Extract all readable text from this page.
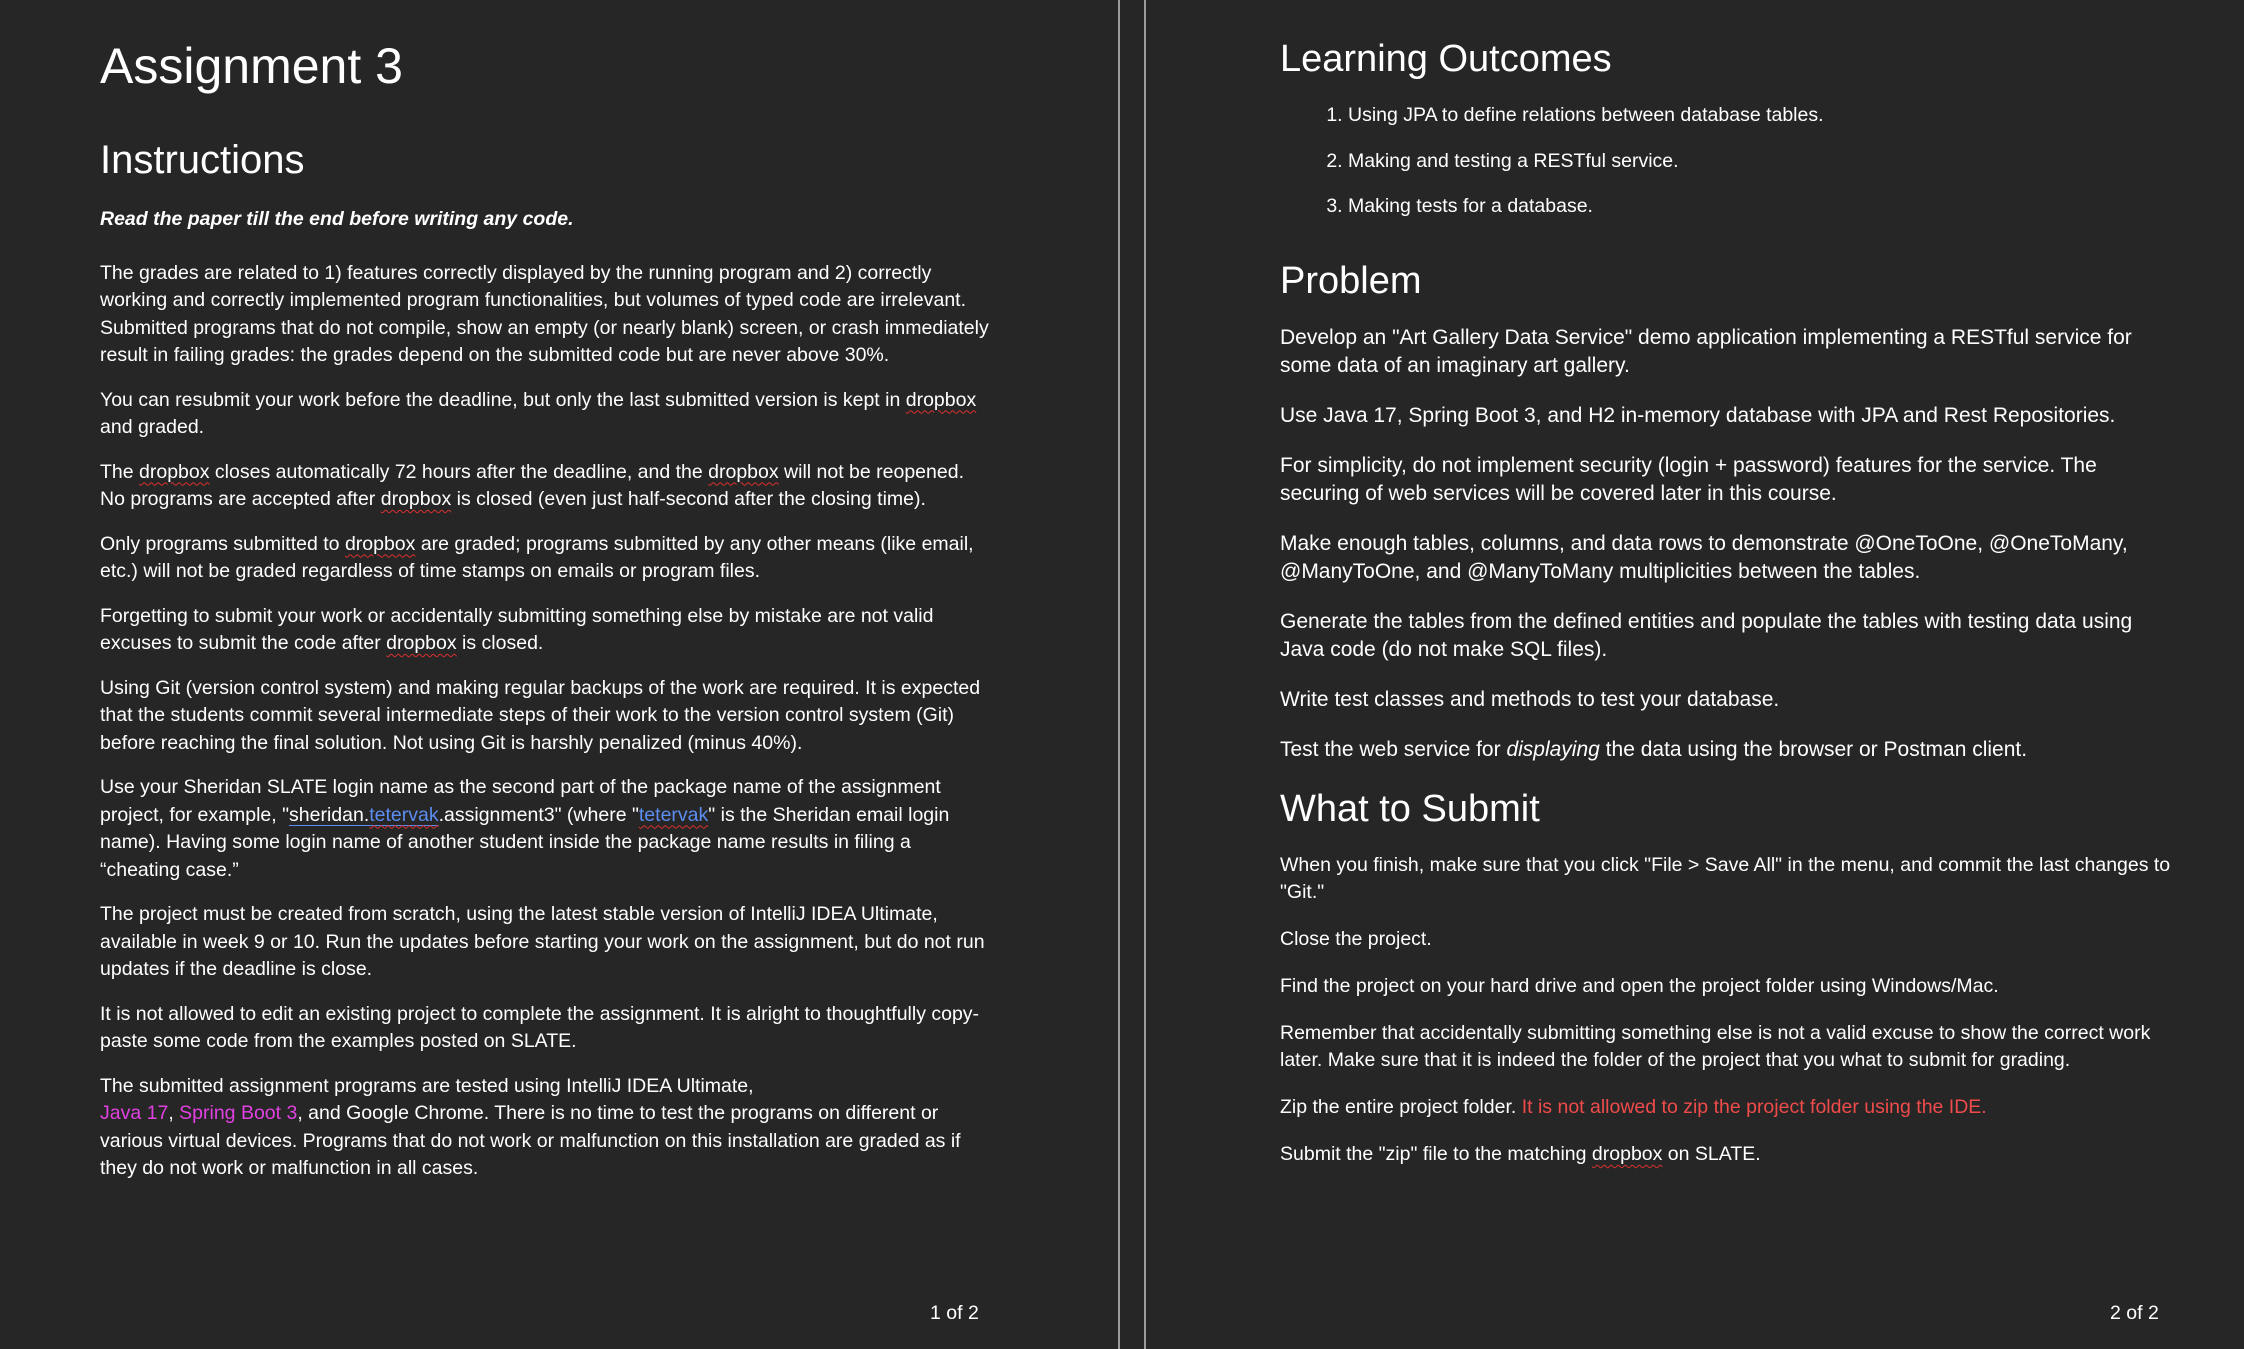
Assignment 3
Instructions

Read the paper till the end before writing any code.

The grades are related to 1) features correctly displayed by the running program and 2) correctly working and correctly implemented program functionalities, but volumes of typed code are irrelevant. Submitted programs that do not compile, show an empty (or nearly blank) screen, or crash immediately result in failing grades: the grades depend on the submitted code but are never above 30%.

You can resubmit your work before the deadline, but only the last submitted version is kept in dropbox and graded.

The dropbox closes automatically 72 hours after the deadline, and the dropbox will not be reopened. No programs are accepted after dropbox is closed (even just half-second after the closing time).

Only programs submitted to dropbox are graded; programs submitted by any other means (like email, etc.) will not be graded regardless of time stamps on emails or program files.

Forgetting to submit your work or accidentally submitting something else by mistake are not valid excuses to submit the code after dropbox is closed.

Using Git (version control system) and making regular backups of the work are required. It is expected that the students commit several intermediate steps of their work to the version control system (Git) before reaching the final solution. Not using Git is harshly penalized (minus 40%).

Use your Sheridan SLATE login name as the second part of the package name of the assignment project, for example, "sheridan.tetervak.assignment3" (where "tetervak" is the Sheridan email login name). Having some login name of another student inside the package name results in filing a “cheating case.”

The project must be created from scratch, using the latest stable version of IntelliJ IDEA Ultimate, available in week 9 or 10. Run the updates before starting your work on the assignment, but do not run updates if the deadline is close.

It is not allowed to edit an existing project to complete the assignment. It is alright to thoughtfully copy-paste some code from the examples posted on SLATE.

The submitted assignment programs are tested using IntelliJ IDEA Ultimate,
Java 17, Spring Boot 3, and Google Chrome. There is no time to test the programs on different or various virtual devices. Programs that do not work or malfunction on this installation are graded as if they do not work or malfunction in all cases.

Learning Outcomes
1. Using JPA to define relations between database tables.
2. Making and testing a RESTful service.
3. Making tests for a database.
Problem

Develop an "Art Gallery Data Service" demo application implementing a RESTful service for some data of an imaginary art gallery.

Use Java 17, Spring Boot 3, and H2 in-memory database with JPA and Rest Repositories.

For simplicity, do not implement security (login + password) features for the service. The securing of web services will be covered later in this course.

Make enough tables, columns, and data rows to demonstrate @OneToOne, @OneToMany, @ManyToOne, and @ManyToMany multiplicities between the tables.

Generate the tables from the defined entities and populate the tables with testing data using Java code (do not make SQL files).

Write test classes and methods to test your database.

Test the web service for displaying the data using the browser or Postman client.

What to Submit

When you finish, make sure that you click "File > Save All" in the menu, and commit the last changes to "Git."

Close the project.

Find the project on your hard drive and open the project folder using Windows/Mac.

Remember that accidentally submitting something else is not a valid excuse to show the correct work later. Make sure that it is indeed the folder of the project that you what to submit for grading.

Zip the entire project folder. It is not allowed to zip the project folder using the IDE.

Submit the "zip" file to the matching dropbox on SLATE.

1 of 2	2 of 2
